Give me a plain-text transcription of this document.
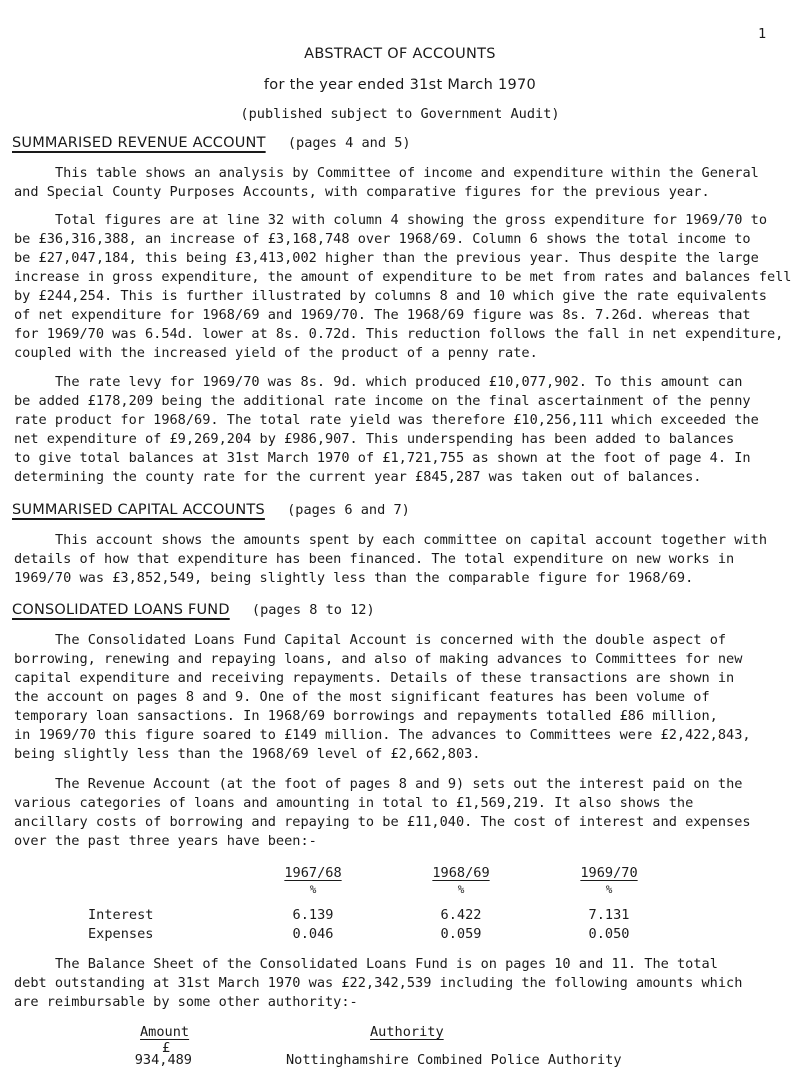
1
ABSTRACT OF ACCOUNTS
for the year ended 31st March 1970
(published subject to Government Audit)
SUMMARISED REVENUE ACCOUNT (pages 4 and 5)
This table shows an analysis by Committee of income and expenditure within the General
and Special County Purposes Accounts, with comparative figures for the previous year.
Total figures are at line 32 with column 4 showing the gross expenditure for 1969/70 to
be £36,316,388, an increase of £3,168,748 over 1968/69. Column 6 shows the total income to
be £27,047,184, this being £3,413,002 higher than the previous year. Thus despite the large
increase in gross expenditure, the amount of expenditure to be met from rates and balances fell
by £244,254. This is further illustrated by columns 8 and 10 which give the rate equivalents
of net expenditure for 1968/69 and 1969/70. The 1968/69 figure was 8s. 7.26d. whereas that
for 1969/70 was 6.54d. lower at 8s. 0.72d. This reduction follows the fall in net expenditure,
coupled with the increased yield of the product of a penny rate.
The rate levy for 1969/70 was 8s. 9d. which produced £10,077,902. To this amount can
be added £178,209 being the additional rate income on the final ascertainment of the penny
rate product for 1968/69. The total rate yield was therefore £10,256,111 which exceeded the
net expenditure of £9,269,204 by £986,907. This underspending has been added to balances
to give total balances at 31st March 1970 of £1,721,755 as shown at the foot of page 4. In
determining the county rate for the current year £845,287 was taken out of balances.
SUMMARISED CAPITAL ACCOUNTS (pages 6 and 7)
This account shows the amounts spent by each committee on capital account together with
details of how that expenditure has been financed. The total expenditure on new works in
1969/70 was £3,852,549, being slightly less than the comparable figure for 1968/69.
CONSOLIDATED LOANS FUND (pages 8 to 12)
The Consolidated Loans Fund Capital Account is concerned with the double aspect of
borrowing, renewing and repaying loans, and also of making advances to Committees for new
capital expenditure and receiving repayments. Details of these transactions are shown in
the account on pages 8 and 9. One of the most significant features has been volume of
temporary loan sansactions. In 1968/69 borrowings and repayments totalled £86 million,
in 1969/70 this figure soared to £149 million. The advances to Committees were £2,422,843,
being slightly less than the 1968/69 level of £2,662,803.
The Revenue Account (at the foot of pages 8 and 9) sets out the interest paid on the
various categories of loans and amounting in total to £1,569,219. It also shows the
ancillary costs of borrowing and repaying to be £11,040. The cost of interest and expenses
over the past three years have been:-
1967/68	1968/69	1969/70
%	%	%
Interest	6.139	6.422	7.131
Expenses	0.046	0.059	0.050
The Balance Sheet of the Consolidated Loans Fund is on pages 10 and 11. The total
debt outstanding at 31st March 1970 was £22,342,539 including the following amounts which
are reimbursable by some other authority:-
Amount
£
Authority
934,489	Nottinghamshire Combined Police Authority
